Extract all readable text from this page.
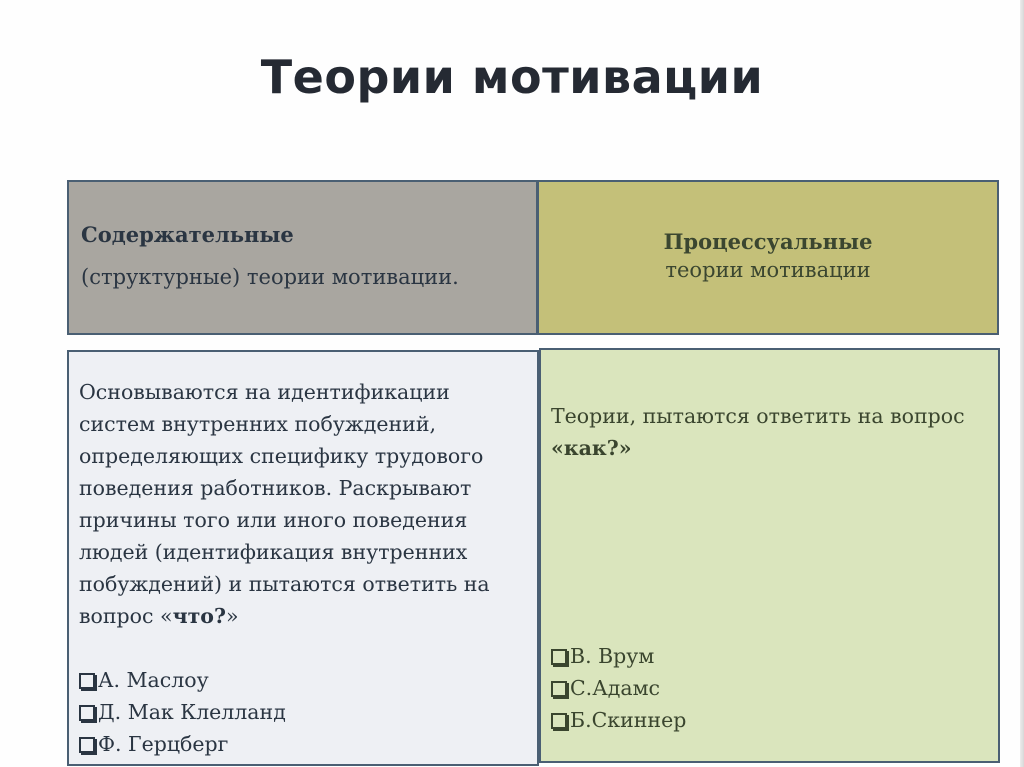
Теории мотивации
Содержательные
(структурные) теории мотивации.
Процессуальные
теории мотивации

Основываются на идентификации систем внутренних побуждений, определяющих специфику трудового поведения работников. Раскрывают причины того или иного поведения людей (идентификация внутренних побуждений) и пытаются ответить на вопрос «что?»

А. Маслоу
Д. Мак Клелланд
Ф. Герцберг

Теории, пытаются ответить на вопрос «как?»

В. Врум
С.Адамс
Б.Скиннер
